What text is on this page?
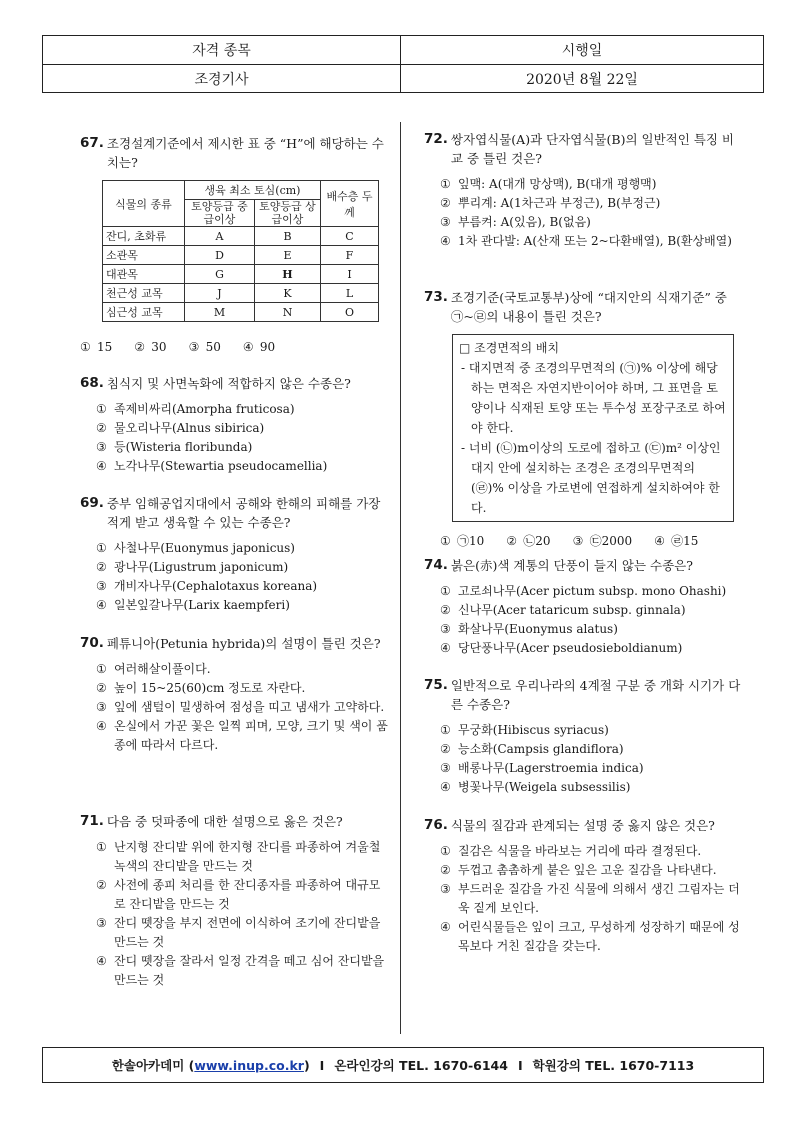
자격 종목	시행일
조경기사	2020년 8월 22일
67. 조경설계기준에서 제시한 표 중 “H”에 해당하는 수치는?
식물의 종류	생육 최소 토심(cm)		배수층 두께
	토양등급 중급이상	토양등급 상급이상	
잔디, 초화류	A	B	C
소관목	D	E	F
대관목	G	H	I
천근성 교목	J	K	L
심근성 교목	M	N	O
① 15 ② 30 ③ 50 ④ 90
68. 침식지 및 사면녹화에 적합하지 않은 수종은?
① 족제비싸리(Amorpha fruticosa)
② 물오리나무(Alnus sibirica)
③ 등(Wisteria floribunda)
④ 노각나무(Stewartia pseudocamellia)
69. 중부 임해공업지대에서 공해와 한해의 피해를 가장 적게 받고 생육할 수 있는 수종은?
① 사철나무(Euonymus japonicus)
② 광나무(Ligustrum japonicum)
③ 개비자나무(Cephalotaxus koreana)
④ 일본잎갈나무(Larix kaempferi)
70. 페튜니아(Petunia hybrida)의 설명이 틀린 것은?
① 여러해살이풀이다.
② 높이 15~25(60)cm 정도로 자란다.
③ 잎에 샘털이 밀생하여 점성을 띠고 냄새가 고약하다.
④ 온실에서 가꾼 꽃은 일찍 피며, 모양, 크기 및 색이 품종에 따라서 다르다.
71. 다음 중 덧파종에 대한 설명으로 옳은 것은?
① 난지형 잔디밭 위에 한지형 잔디를 파종하여 겨울철 녹색의 잔디밭을 만드는 것
② 사전에 종피 처리를 한 잔디종자를 파종하여 대규모로 잔디밭을 만드는 것
③ 잔디 뗏장을 부지 전면에 이식하여 조기에 잔디밭을 만드는 것
④ 잔디 뗏장을 잘라서 일정 간격을 떼고 심어 잔디밭을 만드는 것
72. 쌍자엽식물(A)과 단자엽식물(B)의 일반적인 특징 비교 중 틀린 것은?
① 잎맥: A(대개 망상맥), B(대개 평행맥)
② 뿌리계: A(1차근과 부정근), B(부정근)
③ 부름켜: A(있음), B(없음)
④ 1차 관다발: A(산재 또는 2~다환배열), B(환상배열)
73. 조경기준(국토교통부)상에 “대지안의 식재기준” 중 ㉠~㉣의 내용이 틀린 것은?
□ 조경면적의 배치
- 대지면적 중 조경의무면적의 (㉠)% 이상에 해당하는 면적은 자연지반이어야 하며, 그 표면을 토양이나 식재된 토양 또는 투수성 포장구조로 하여야 한다.
- 너비 (㉡)m이상의 도로에 접하고 (㉢)m² 이상인 대지 안에 설치하는 조경은 조경의무면적의 (㉣)% 이상을 가로변에 연접하게 설치하여야 한다.
① ㉠10 ② ㉡20 ③ ㉢2000 ④ ㉣15
74. 붉은(赤)색 계통의 단풍이 들지 않는 수종은?
① 고로쇠나무(Acer pictum subsp. mono Ohashi)
② 신나무(Acer tataricum subsp. ginnala)
③ 화살나무(Euonymus alatus)
④ 당단풍나무(Acer pseudosieboldianum)
75. 일반적으로 우리나라의 4계절 구분 중 개화 시기가 다른 수종은?
① 무궁화(Hibiscus syriacus)
② 능소화(Campsis glandiflora)
③ 배롱나무(Lagerstroemia indica)
④ 병꽃나무(Weigela subsessilis)
76. 식물의 질감과 관계되는 설명 중 옳지 않은 것은?
① 질감은 식물을 바라보는 거리에 따라 결정된다.
② 두껍고 촘촘하게 붙은 잎은 고운 질감을 나타낸다.
③ 부드러운 질감을 가진 식물에 의해서 생긴 그림자는 더욱 짙게 보인다.
④ 어린식물들은 잎이 크고, 무성하게 성장하기 때문에 성목보다 거친 질감을 갖는다.
한솔아카데미 ( www.inup.co.kr ) I 온라인강의 TEL. 1670-6144 I 학원강의 TEL. 1670-7113
